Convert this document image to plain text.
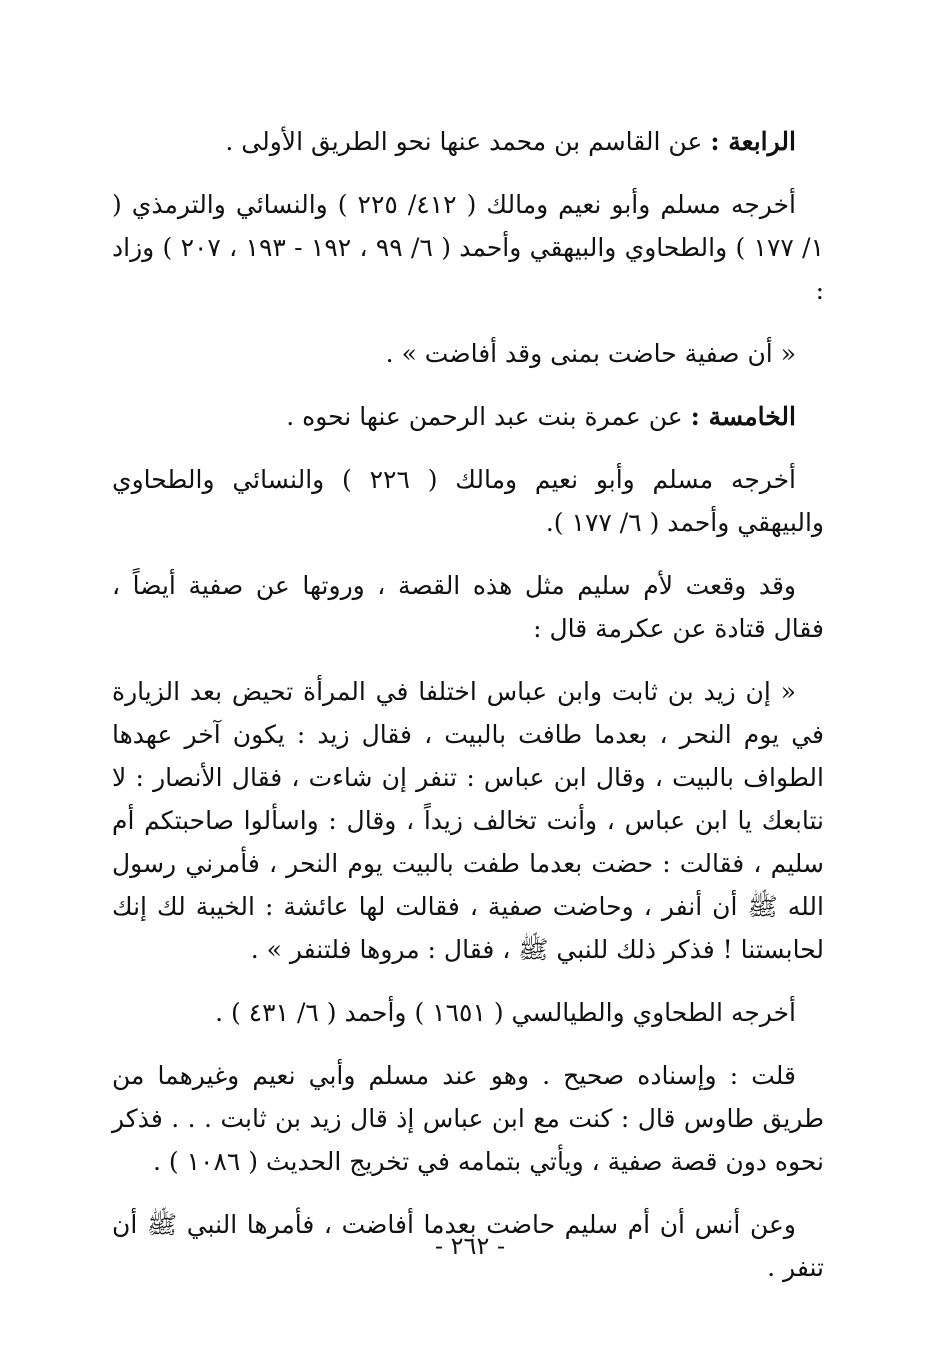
الرابعة : عن القاسم بن محمد عنها نحو الطريق الأولى .

أخرجه مسلم وأبو نعيم ومالك ( ٤١٢/ ٢٢٥ ) والنسائي والترمذي ( ١/ ١٧٧ ) والطحاوي والبيهقي وأحمد ( ٦/ ٩٩ ، ١٩٢ - ١٩٣ ، ٢٠٧ ) وزاد :

« أن صفية حاضت بمنى وقد أفاضت » .

الخامسة : عن عمرة بنت عبد الرحمن عنها نحوه .

أخرجه مسلم وأبو نعيم ومالك ( ٢٢٦ ) والنسائي والطحاوي والبيهقي وأحمد ( ٦/ ١٧٧ ).

وقد وقعت لأم سليم مثل هذه القصة ، وروتها عن صفية أيضاً ، فقال قتادة عن عكرمة قال :

« إن زيد بن ثابت وابن عباس اختلفا في المرأة تحيض بعد الزيارة في يوم النحر ، بعدما طافت بالبيت ، فقال زيد : يكون آخر عهدها الطواف بالبيت ، وقال ابن عباس : تنفر إن شاءت ، فقال الأنصار : لا نتابعك يا ابن عباس ، وأنت تخالف زيداً ، وقال : واسألوا صاحبتكم أم سليم ، فقالت : حضت بعدما طفت بالبيت يوم النحر ، فأمرني رسول الله ﷺ أن أنفر ، وحاضت صفية ، فقالت لها عائشة : الخيبة لك إنك لحابستنا ! فذكر ذلك للنبي ﷺ ، فقال : مروها فلتنفر » .

أخرجه الطحاوي والطيالسي ( ١٦٥١ ) وأحمد ( ٦/ ٤٣١ ) .

قلت : وإسناده صحيح . وهو عند مسلم وأبي نعيم وغيرهما من طريق طاوس قال : كنت مع ابن عباس إذ قال زيد بن ثابت . . . فذكر نحوه دون قصة صفية ، ويأتي بتمامه في تخريج الحديث ( ١٠٨٦ ) .

وعن أنس أن أم سليم حاضت بعدما أفاضت ، فأمرها النبي ﷺ أن تنفر .

- ٢٦٢ -
